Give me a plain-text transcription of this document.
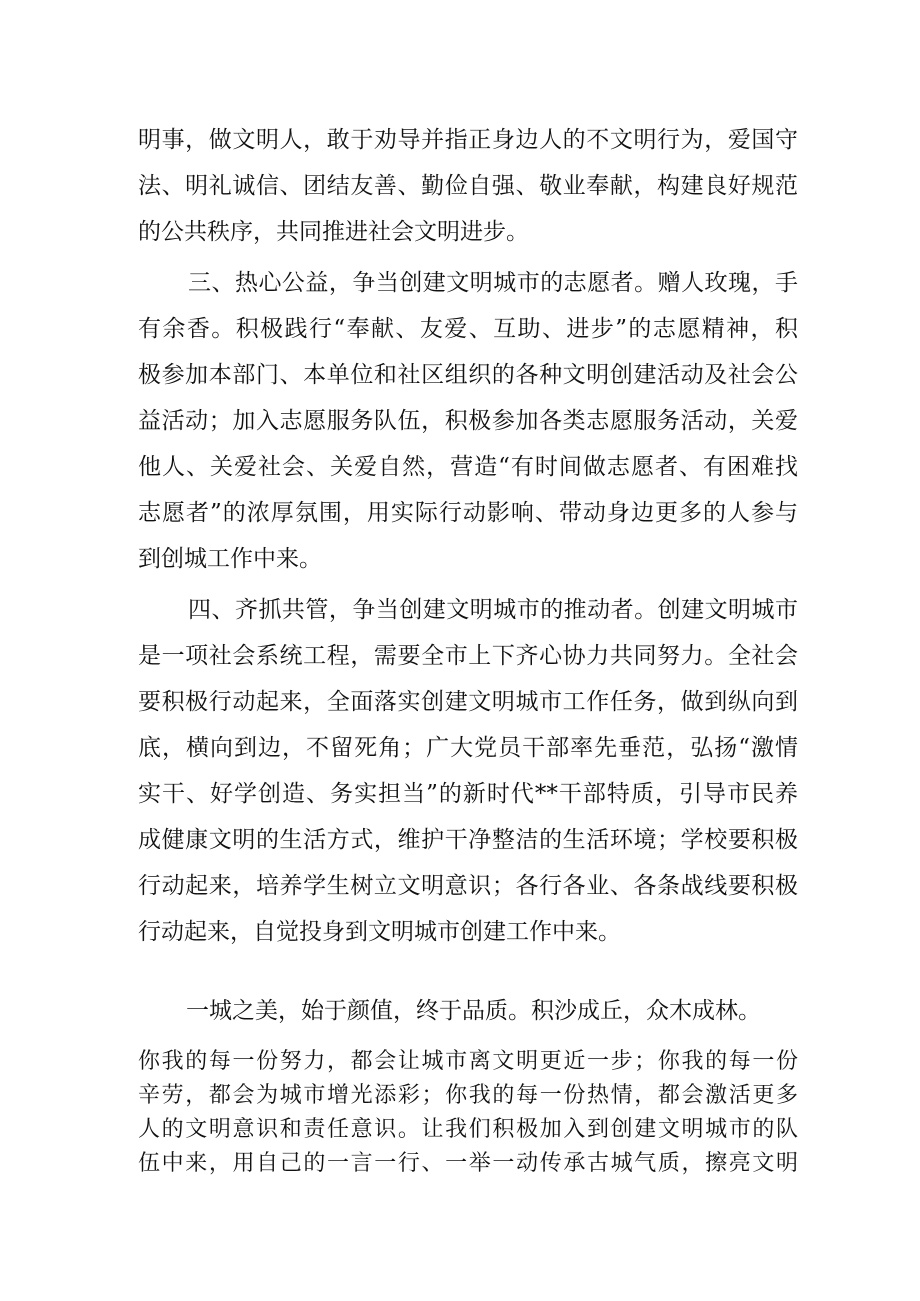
明事，做文明人，敢于劝导并指正身边人的不文明行为，爱国守
法、明礼诚信、团结友善、勤俭自强、敬业奉献，构建良好规范
的公共秩序，共同推进社会文明进步。
三、热心公益，争当创建文明城市的志愿者。赠人玫瑰，手
有余香。积极践行“奉献、友爱、互助、进步”的志愿精神，积
极参加本部门、本单位和社区组织的各种文明创建活动及社会公
益活动；加入志愿服务队伍，积极参加各类志愿服务活动，关爱
他人、关爱社会、关爱自然，营造“有时间做志愿者、有困难找
志愿者”的浓厚氛围，用实际行动影响、带动身边更多的人参与
到创城工作中来。
四、齐抓共管，争当创建文明城市的推动者。创建文明城市
是一项社会系统工程，需要全市上下齐心协力共同努力。全社会
要积极行动起来，全面落实创建文明城市工作任务，做到纵向到
底，横向到边，不留死角；广大党员干部率先垂范，弘扬“激情
实干、好学创造、务实担当”的新时代**干部特质，引导市民养
成健康文明的生活方式，维护干净整洁的生活环境；学校要积极
行动起来，培养学生树立文明意识；各行各业、各条战线要积极
行动起来，自觉投身到文明城市创建工作中来。
一城之美，始于颜值，终于品质。积沙成丘，众木成林。
你我的每一份努力，都会让城市离文明更近一步；你我的每一份
辛劳，都会为城市增光添彩；你我的每一份热情，都会激活更多
人的文明意识和责任意识。让我们积极加入到创建文明城市的队
伍中来，用自己的一言一行、一举一动传承古城气质，擦亮文明
